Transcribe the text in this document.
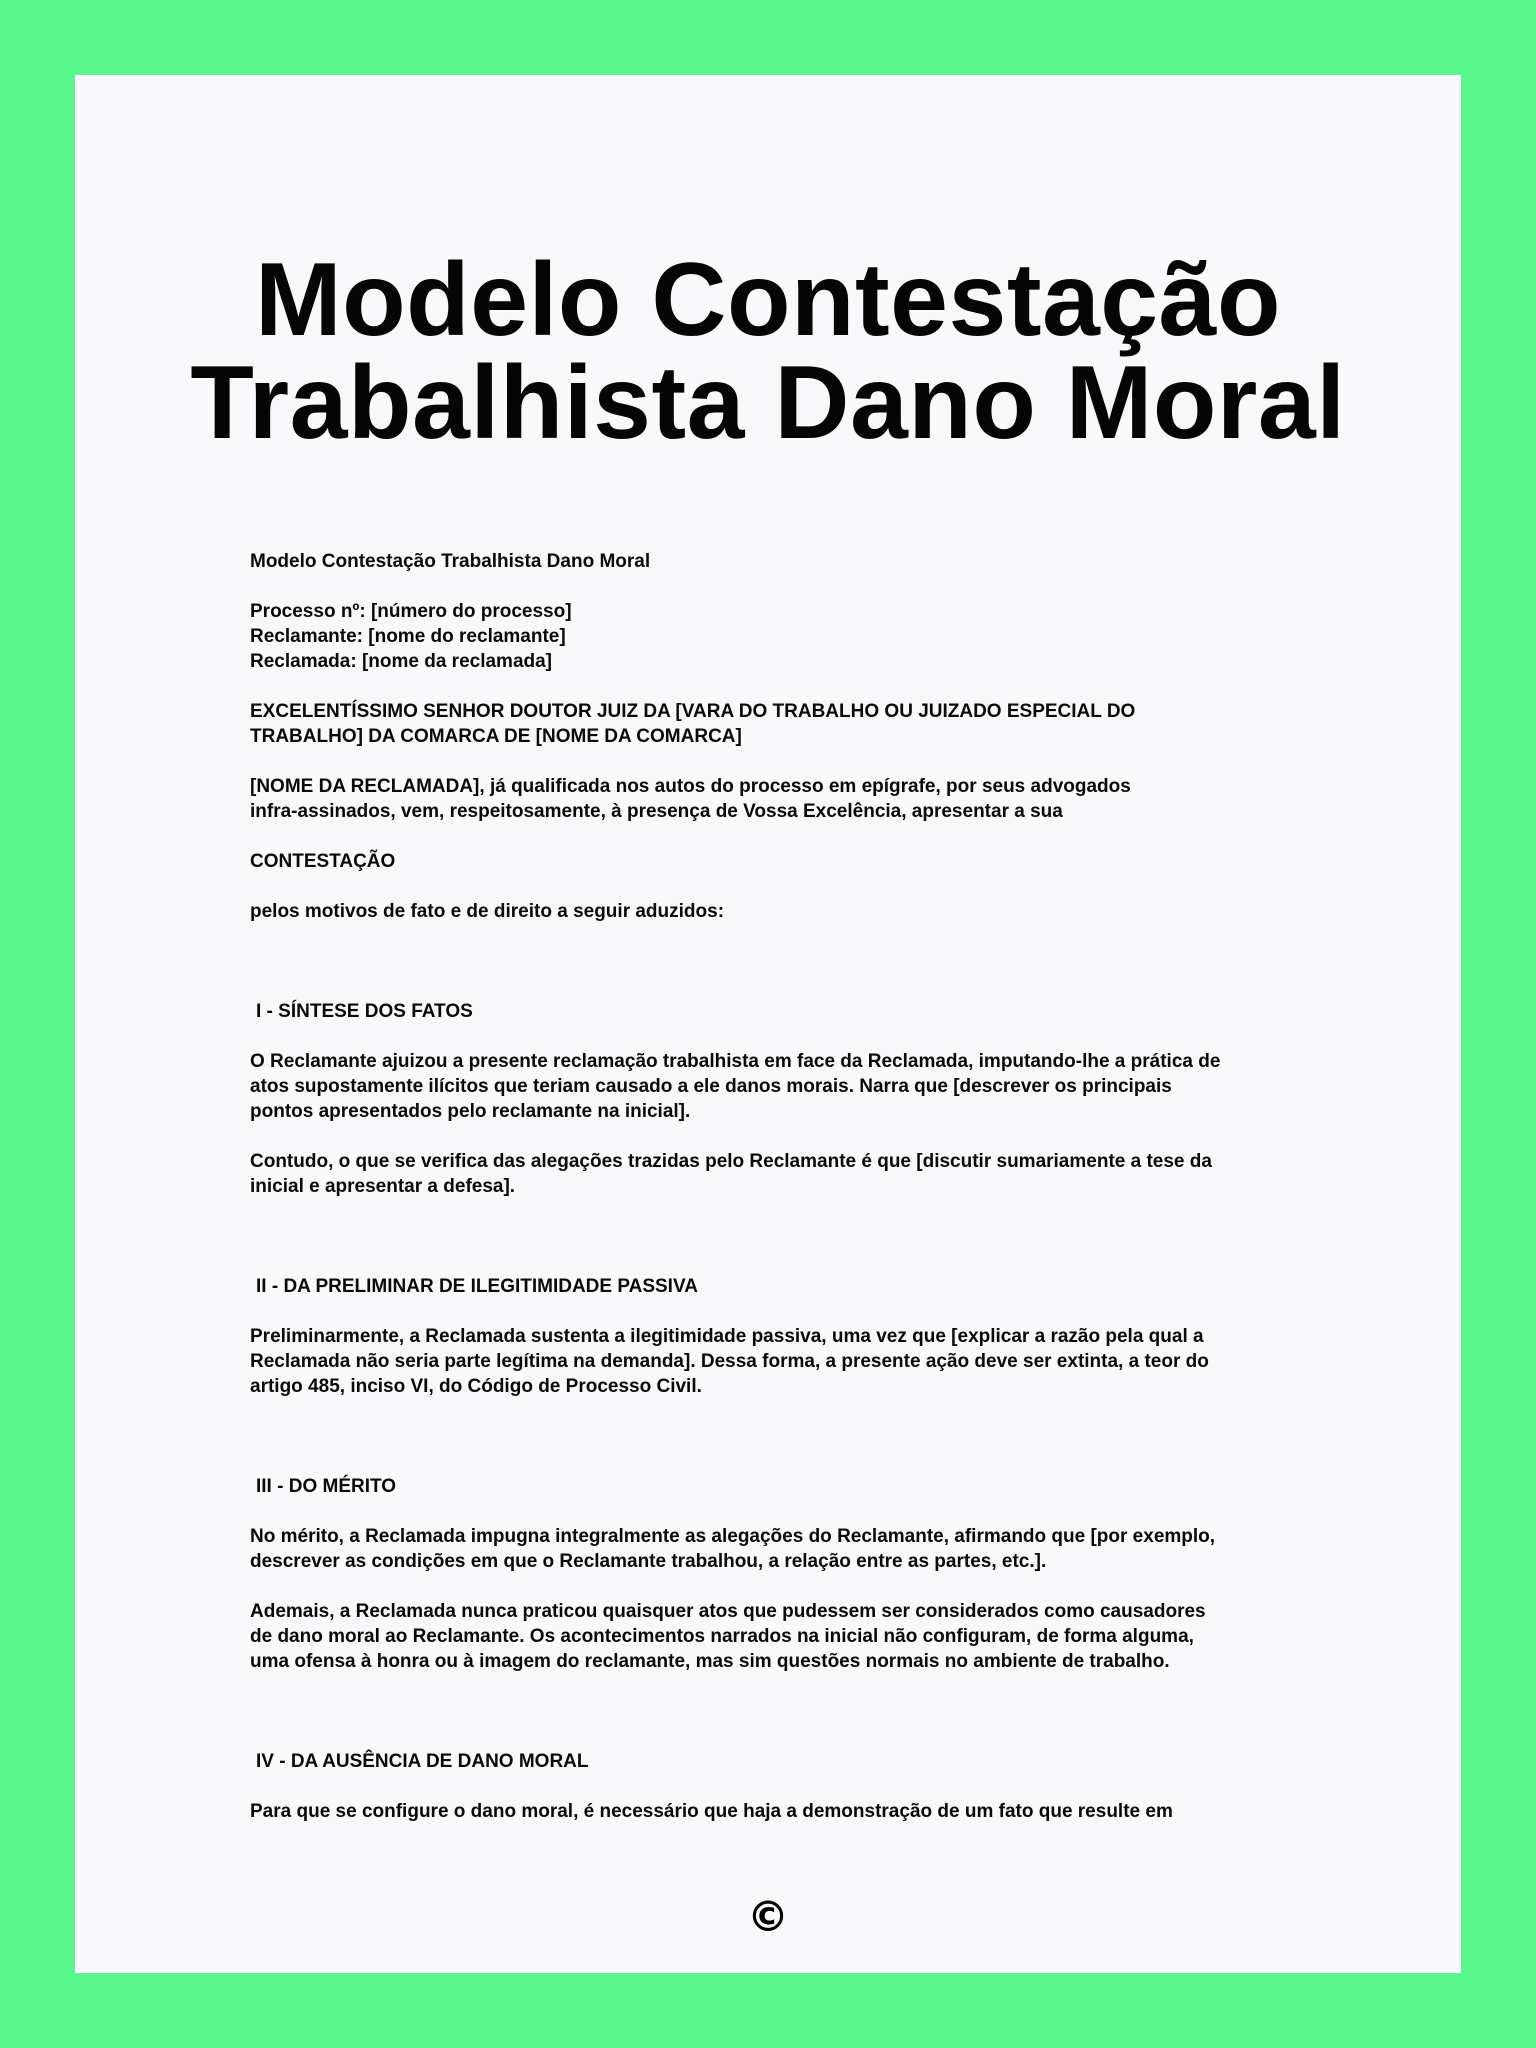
Modelo Contestação
Trabalhista Dano Moral
Modelo Contestação Trabalhista Dano Moral
Processo nº: [número do processo]
Reclamante: [nome do reclamante]
Reclamada: [nome da reclamada]
EXCELENTÍSSIMO SENHOR DOUTOR JUIZ DA [VARA DO TRABALHO OU JUIZADO ESPECIAL DO
TRABALHO] DA COMARCA DE [NOME DA COMARCA]
[NOME DA RECLAMADA], já qualificada nos autos do processo em epígrafe, por seus advogados
infra-assinados, vem, respeitosamente, à presença de Vossa Excelência, apresentar a sua
CONTESTAÇÃO
pelos motivos de fato e de direito a seguir aduzidos:
I - SÍNTESE DOS FATOS
O Reclamante ajuizou a presente reclamação trabalhista em face da Reclamada, imputando-lhe a prática de
atos supostamente ilícitos que teriam causado a ele danos morais. Narra que [descrever os principais
pontos apresentados pelo reclamante na inicial].
Contudo, o que se verifica das alegações trazidas pelo Reclamante é que [discutir sumariamente a tese da
inicial e apresentar a defesa].
II - DA PRELIMINAR DE ILEGITIMIDADE PASSIVA
Preliminarmente, a Reclamada sustenta a ilegitimidade passiva, uma vez que [explicar a razão pela qual a
Reclamada não seria parte legítima na demanda]. Dessa forma, a presente ação deve ser extinta, a teor do
artigo 485, inciso VI, do Código de Processo Civil.
III - DO MÉRITO
No mérito, a Reclamada impugna integralmente as alegações do Reclamante, afirmando que [por exemplo,
descrever as condições em que o Reclamante trabalhou, a relação entre as partes, etc.].
Ademais, a Reclamada nunca praticou quaisquer atos que pudessem ser considerados como causadores
de dano moral ao Reclamante. Os acontecimentos narrados na inicial não configuram, de forma alguma,
uma ofensa à honra ou à imagem do reclamante, mas sim questões normais no ambiente de trabalho.
IV - DA AUSÊNCIA DE DANO MORAL
Para que se configure o dano moral, é necessário que haja a demonstração de um fato que resulte em
©
